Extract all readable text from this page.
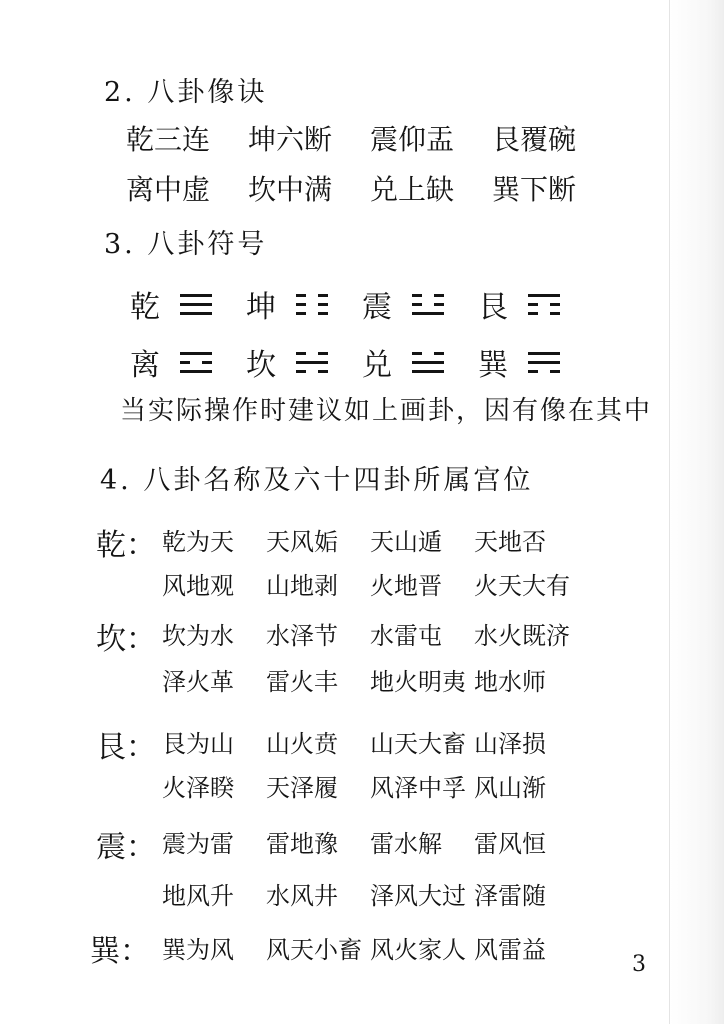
2. 八卦像诀
乾三连	坤六断	震仰盂	艮覆碗
离中虚	坎中满	兑上缺	巽下断
3. 八卦符号
乾	坤	震	艮
离	坎	兑	巽
当实际操作时建议如上画卦，因有像在其中
4. 八卦名称及六十四卦所属宫位
乾： 乾为天	天风姤	天山遁	天地否
风地观	山地剥	火地晋	火天大有
坎： 坎为水	水泽节	水雷屯	水火既济
泽火革	雷火丰	地火明夷 地水师
艮： 艮为山	山火贲	山天大畜 山泽损
火泽睽	天泽履	风泽中孚 风山渐
震： 震为雷	雷地豫	雷水解	雷风恒
地风升	水风井	泽风大过 泽雷随
巽： 巽为风	风天小畜 风火家人 风雷益
3
